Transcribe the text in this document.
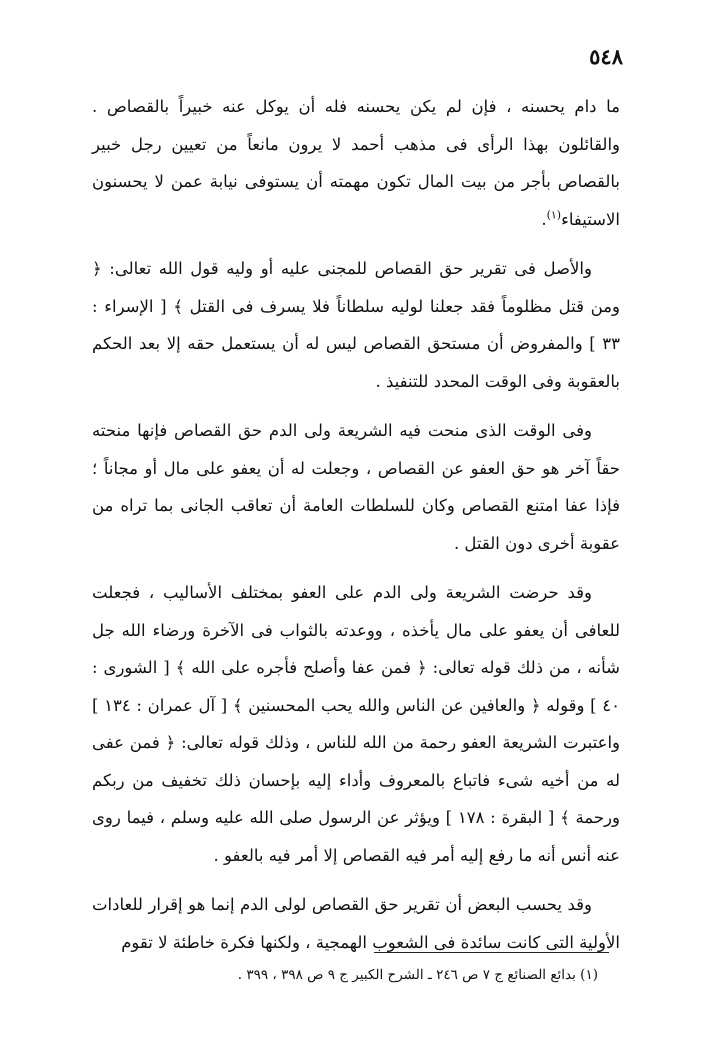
٥٤٨

ما دام يحسنه ، فإن لم يكن يحسنه فله أن يوكل عنه خبيراً بالقصاص . والقائلون بهذا الرأى فى مذهب أحمد لا يرون مانعاً من تعيين رجل خبير بالقصاص بأجر من بيت المال تكون مهمته أن يستوفى نيابة عمن لا يحسنون الاستيفاء$^{(١)}$.

والأصل فى تقرير حق القصاص للمجنى عليه أو وليه قول الله تعالى: ﴿ ومن قتل مظلوماً فقد جعلنا لوليه سلطاناً فلا يسرف فى القتل ﴾ [ الإسراء : ٣٣ ] والمفروض أن مستحق القصاص ليس له أن يستعمل حقه إلا بعد الحكم بالعقوبة وفى الوقت المحدد للتنفيذ .

وفى الوقت الذى منحت فيه الشريعة ولى الدم حق القصاص فإنها منحته حقاً آخر هو حق العفو عن القصاص ، وجعلت له أن يعفو على مال أو مجاناً ؛ فإذا عفا امتنع القصاص وكان للسلطات العامة أن تعاقب الجانى بما تراه من عقوبة أخرى دون القتل .

وقد حرضت الشريعة ولى الدم على العفو بمختلف الأساليب ، فجعلت للعافى أن يعفو على مال يأخذه ، ووعدته بالثواب فى الآخرة ورضاء الله جل شأنه ، من ذلك قوله تعالى: ﴿ فمن عفا وأصلح فأجره على الله ﴾ [ الشورى : ٤٠ ] وقوله ﴿ والعافين عن الناس والله يحب المحسنين ﴾ [ آل عمران : ١٣٤ ] واعتبرت الشريعة العفو رحمة من الله للناس ، وذلك قوله تعالى: ﴿ فمن عفى له من أخيه شىء فاتباع بالمعروف وأداء إليه بإحسان ذلك تخفيف من ربكم ورحمة ﴾ [ البقرة : ١٧٨ ] ويؤثر عن الرسول صلى الله عليه وسلم ، فيما روى عنه أنس أنه ما رفع إليه أمر فيه القصاص إلا أمر فيه بالعفو .

وقد يحسب البعض أن تقرير حق القصاص لولى الدم إنما هو إقرار للعادات الأولية التى كانت سائدة فى الشعوب الهمجية ، ولكنها فكرة خاطئة لا تقوم

(١) بدائع الصنائع ج ٧ ص ٢٤٦ ـ الشرح الكبير ج ٩ ص ٣٩٨ ، ٣٩٩ .
